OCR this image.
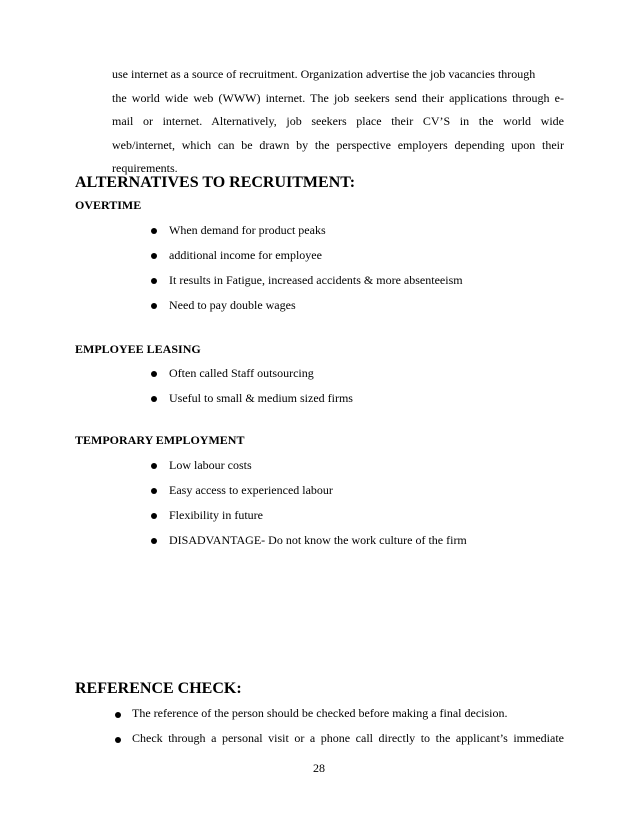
use internet as a source of recruitment. Organization advertise the job vacancies through
the world wide web (WWW) internet. The job seekers send their applications through e-
mail or internet. Alternatively, job seekers place their CV’S in the world wide
web/internet, which can be drawn by the perspective employers depending upon their
requirements.
ALTERNATIVES TO RECRUITMENT:
OVERTIME
When demand for product peaks
additional income for employee
It results in Fatigue, increased accidents & more absenteeism
Need to pay double wages
EMPLOYEE LEASING
Often called Staff outsourcing
Useful to small & medium sized firms
TEMPORARY EMPLOYMENT
Low labour costs
Easy access to experienced labour
Flexibility in future
DISADVANTAGE- Do not know the work culture of the firm
REFERENCE CHECK:
The reference of the person should be checked before making a final decision.
Check through a personal visit or a phone call directly to the applicant’s immediate
28
